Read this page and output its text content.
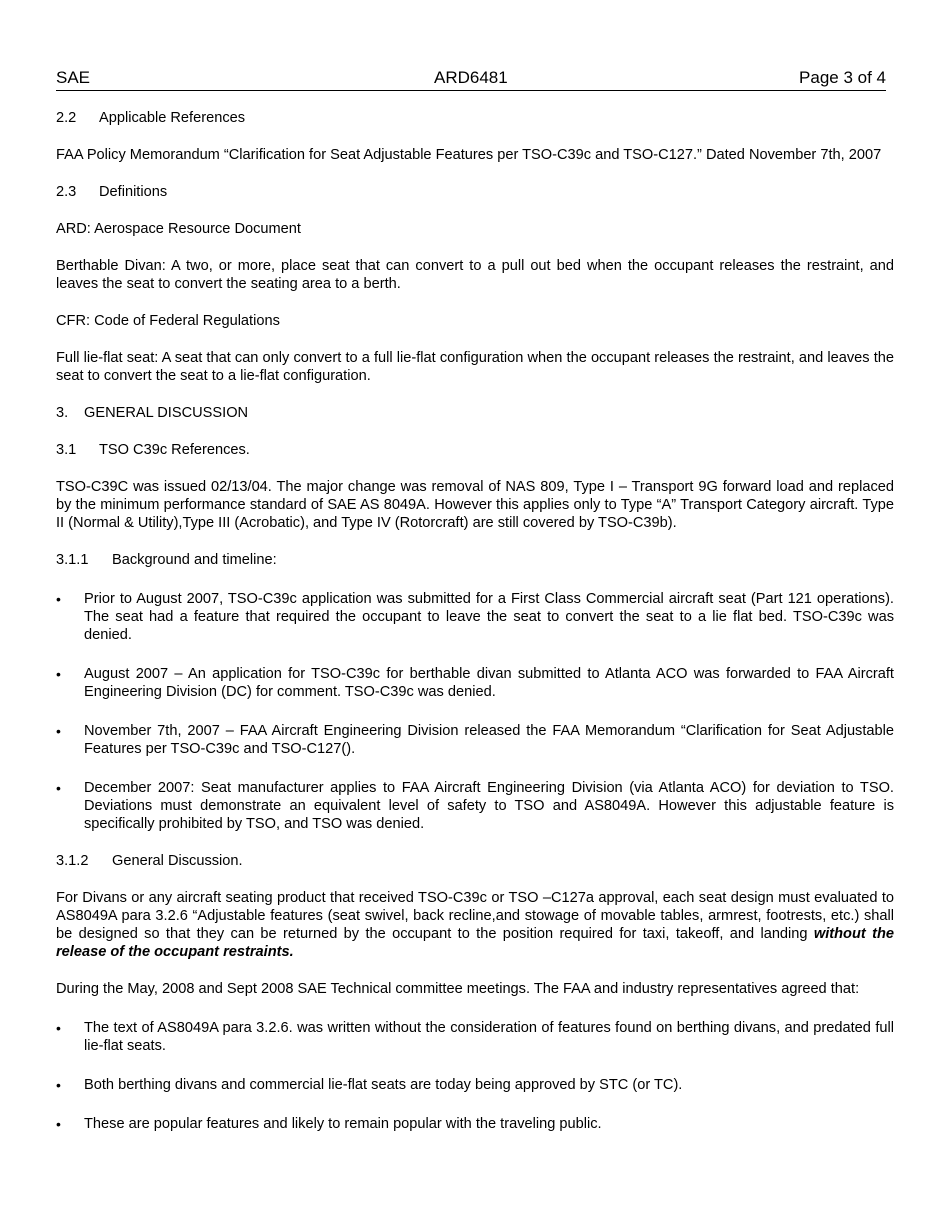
SAE	ARD6481	Page 3 of 4
2.2	Applicable References

FAA Policy Memorandum “Clarification for Seat Adjustable Features per TSO-C39c and TSO-C127.” Dated November 7th, 2007

2.3	Definitions

ARD: Aerospace Resource Document

Berthable Divan: A two, or more, place seat that can convert to a pull out bed when the occupant releases the restraint, and leaves the seat to convert the seating area to a berth.

CFR: Code of Federal Regulations

Full lie-flat seat: A seat that can only convert to a full lie-flat configuration when the occupant releases the restraint, and leaves the seat to convert the seat to a lie-flat configuration.

3.	GENERAL DISCUSSION
3.1	TSO C39c References.

TSO-C39C was issued 02/13/04. The major change was removal of NAS 809, Type I – Transport 9G forward load and replaced by the minimum performance standard of SAE AS 8049A. However this applies only to Type “A” Transport Category aircraft. Type II (Normal & Utility),Type III (Acrobatic), and Type IV (Rotorcraft) are still covered by TSO-C39b).

3.1.1	Background and timeline:
• Prior to August 2007, TSO-C39c application was submitted for a First Class Commercial aircraft seat (Part 121 operations). The seat had a feature that required the occupant to leave the seat to convert the seat to a lie flat bed. TSO-C39c was denied.
• August 2007 – An application for TSO-C39c for berthable divan submitted to Atlanta ACO was forwarded to FAA Aircraft Engineering Division (DC) for comment. TSO-C39c was denied.
• November 7th, 2007 – FAA Aircraft Engineering Division released the FAA Memorandum “Clarification for Seat Adjustable Features per TSO-C39c and TSO-C127().
• December 2007: Seat manufacturer applies to FAA Aircraft Engineering Division (via Atlanta ACO) for deviation to TSO. Deviations must demonstrate an equivalent level of safety to TSO and AS8049A. However this adjustable feature is specifically prohibited by TSO, and TSO was denied.
3.1.2	General Discussion.

For Divans or any aircraft seating product that received TSO-C39c or TSO –C127a approval, each seat design must evaluated to AS8049A para 3.2.6 “Adjustable features (seat swivel, back recline,and stowage of movable tables, armrest, footrests, etc.) shall be designed so that they can be returned by the occupant to the position required for taxi, takeoff, and landing without the release of the occupant restraints.

During the May, 2008 and Sept 2008 SAE Technical committee meetings. The FAA and industry representatives agreed that:

• The text of AS8049A para 3.2.6. was written without the consideration of features found on berthing divans, and predated full lie-flat seats.
• Both berthing divans and commercial lie-flat seats are today being approved by STC (or TC).
• These are popular features and likely to remain popular with the traveling public.
